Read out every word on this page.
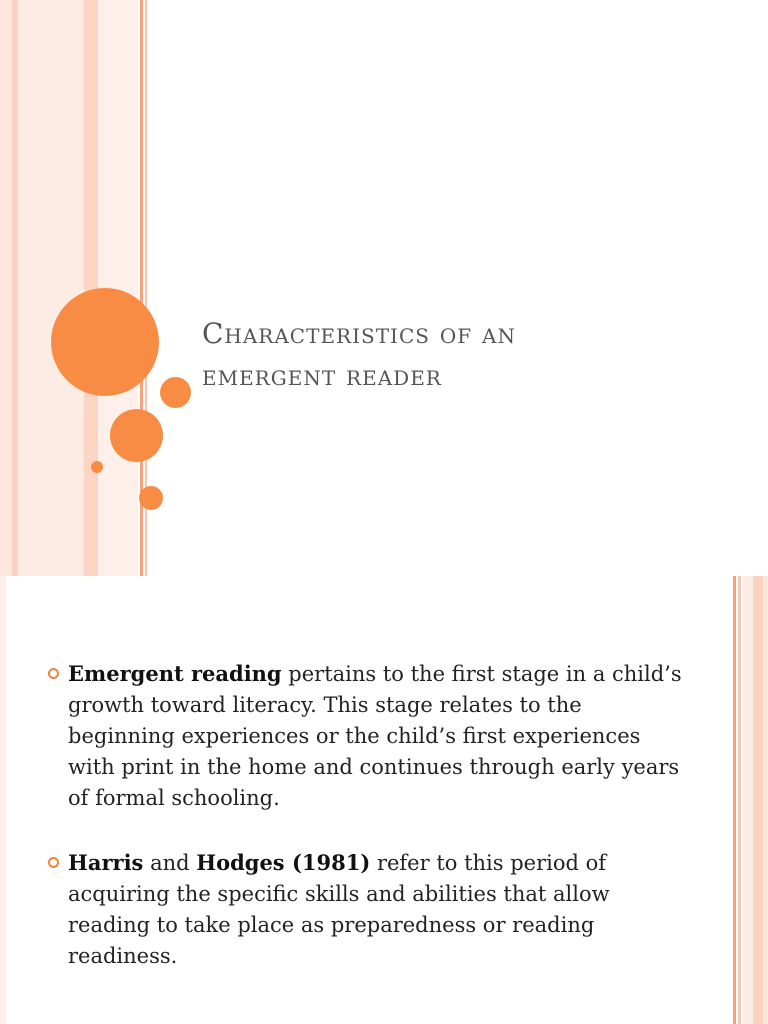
Characteristics of an
emergent reader
Emergent reading pertains to the first stage in a child’s growth toward literacy. This stage relates to the beginning experiences or the child’s first experiences with print in the home and continues through early years of formal schooling.
Harris and Hodges (1981) refer to this period of acquiring the specific skills and abilities that allow reading to take place as preparedness or reading readiness.
